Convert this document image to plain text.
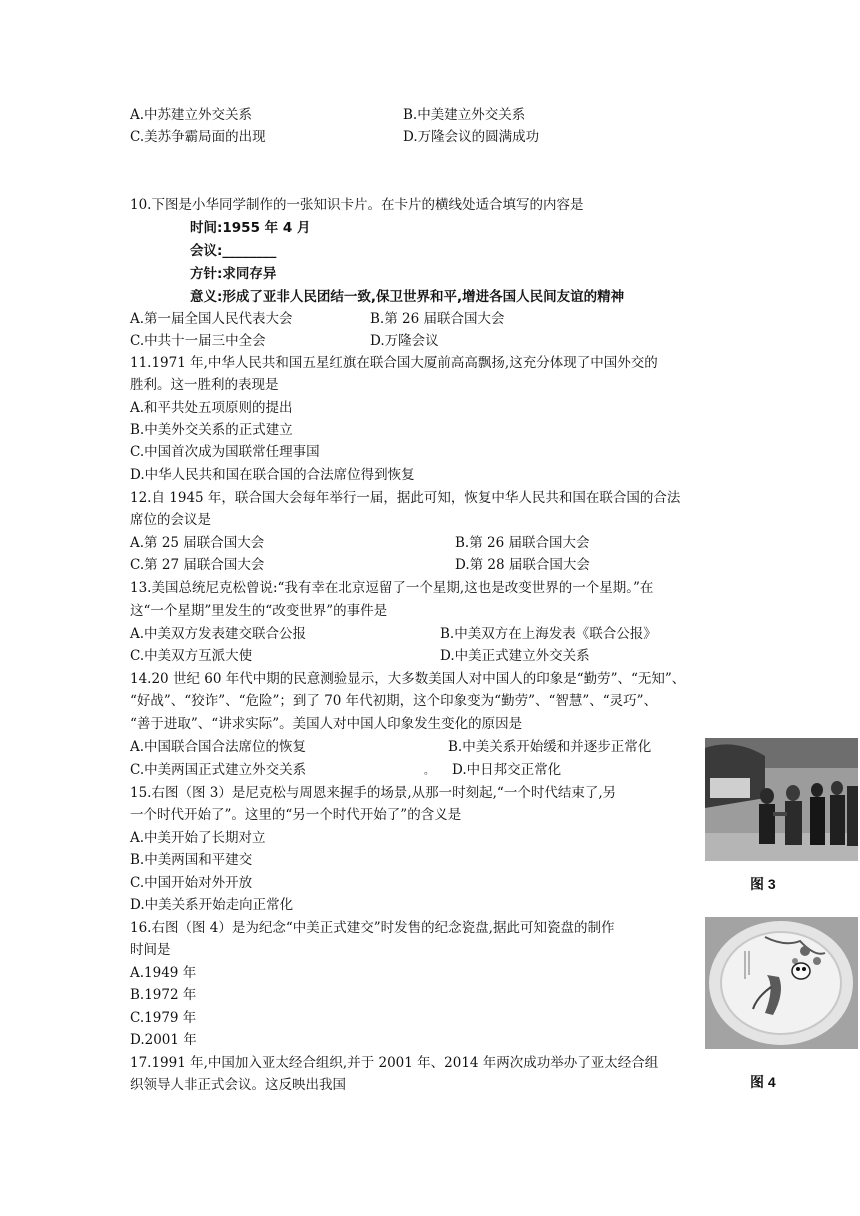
A.中苏建立外交关系	B.中美建立外交关系
C.美苏争霸局面的出现	D.万隆会议的圆满成功
10.下图是小华同学制作的一张知识卡片。在卡片的横线处适合填写的内容是
时间:1955 年 4 月
会议:________
方针:求同存异
意义:形成了亚非人民团结一致,保卫世界和平,增进各国人民间友谊的精神
A.第一届全国人民代表大会	B.第 26 届联合国大会
C.中共十一届三中全会	D.万隆会议
11.1971 年,中华人民共和国五星红旗在联合国大厦前高高飘扬,这充分体现了中国外交的
胜利。这一胜利的表现是
A.和平共处五项原则的提出
B.中美外交关系的正式建立
C.中国首次成为国联常任理事国
D.中华人民共和国在联合国的合法席位得到恢复
12.自 1945 年，联合国大会每年举行一届，据此可知，恢复中华人民共和国在联合国的合法
席位的会议是
A.第 25 届联合国大会	B.第 26 届联合国大会
C.第 27 届联合国大会	D.第 28 届联合国大会
13.美国总统尼克松曾说:“我有幸在北京逗留了一个星期,这也是改变世界的一个星期。”在
这“一个星期”里发生的“改变世界”的事件是
A.中美双方发表建交联合公报	B.中美双方在上海发表《联合公报》
C.中美双方互派大使	D.中美正式建立外交关系
14.20 世纪 60 年代中期的民意测验显示，大多数美国人对中国人的印象是“勤劳”、“无知”、
“好战”、“狡诈”、“危险”；到了 70 年代初期，这个印象变为“勤劳”、“智慧”、“灵巧”、
“善于进取”、“讲求实际”。美国人对中国人印象发生变化的原因是
A.中国联合国合法席位的恢复	B.中美关系开始缓和并逐步正常化
C.中美两国正式建立外交关系	。 D.中日邦交正常化
15.右图（图 3）是尼克松与周恩来握手的场景,从那一时刻起,“一个时代结束了,另
一个时代开始了”。这里的“另一个时代开始了”的含义是
A.中美开始了长期对立
B.中美两国和平建交
C.中国开始对外开放
D.中美关系开始走向正常化
图 3
16.右图（图 4）是为纪念“中美正式建交”时发售的纪念瓷盘,据此可知瓷盘的制作
时间是
A.1949 年
B.1972 年
C.1979 年
D.2001 年
图 4
17.1991 年,中国加入亚太经合组织,并于 2001 年、2014 年两次成功举办了亚太经合组
织领导人非正式会议。这反映出我国
